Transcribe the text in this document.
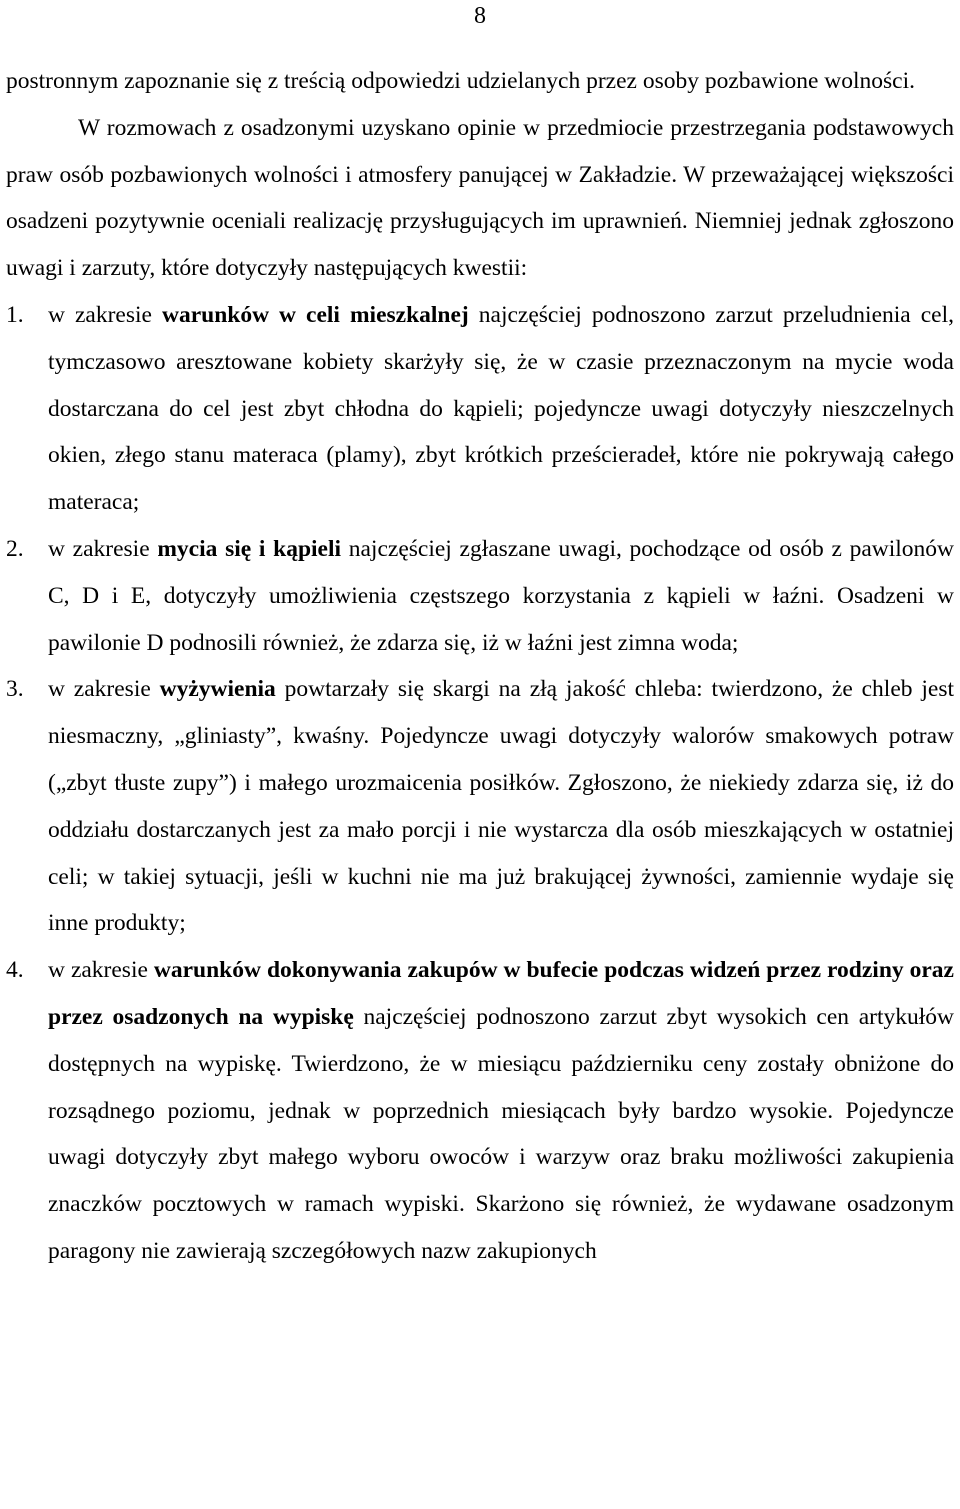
8

postronnym zapoznanie się z treścią odpowiedzi udzielanych przez osoby pozbawione wolności.

W rozmowach z osadzonymi uzyskano opinie w przedmiocie przestrzegania podstawowych praw osób pozbawionych wolności i atmosfery panującej w Zakładzie. W przeważającej większości osadzeni pozytywnie oceniali realizację przysługujących im uprawnień. Niemniej jednak zgłoszono uwagi i zarzuty, które dotyczyły następujących kwestii:

1. w zakresie warunków w celi mieszkalnej najczęściej podnoszono zarzut przeludnienia cel, tymczasowo aresztowane kobiety skarżyły się, że w czasie przeznaczonym na mycie woda dostarczana do cel jest zbyt chłodna do kąpieli; pojedyncze uwagi dotyczyły nieszczelnych okien, złego stanu materaca (plamy), zbyt krótkich prześcieradeł, które nie pokrywają całego materaca;
2. w zakresie mycia się i kąpieli najczęściej zgłaszane uwagi, pochodzące od osób z pawilonów C, D i E, dotyczyły umożliwienia częstszego korzystania z kąpieli w łaźni. Osadzeni w pawilonie D podnosili również, że zdarza się, iż w łaźni jest zimna woda;
3. w zakresie wyżywienia powtarzały się skargi na złą jakość chleba: twierdzono, że chleb jest niesmaczny, „gliniasty”, kwaśny. Pojedyncze uwagi dotyczyły walorów smakowych potraw („zbyt tłuste zupy”) i małego urozmaicenia posiłków. Zgłoszono, że niekiedy zdarza się, iż do oddziału dostarczanych jest za mało porcji i nie wystarcza dla osób mieszkających w ostatniej celi; w takiej sytuacji, jeśli w kuchni nie ma już brakującej żywności, zamiennie wydaje się inne produkty;
4. w zakresie warunków dokonywania zakupów w bufecie podczas widzeń przez rodziny oraz przez osadzonych na wypiskę najczęściej podnoszono zarzut zbyt wysokich cen artykułów dostępnych na wypiskę. Twierdzono, że w miesiącu październiku ceny zostały obniżone do rozsądnego poziomu, jednak w poprzednich miesiącach były bardzo wysokie. Pojedyncze uwagi dotyczyły zbyt małego wyboru owoców i warzyw oraz braku możliwości zakupienia znaczków pocztowych w ramach wypiski. Skarżono się również, że wydawane osadzonym paragony nie zawierają szczegółowych nazw zakupionych
